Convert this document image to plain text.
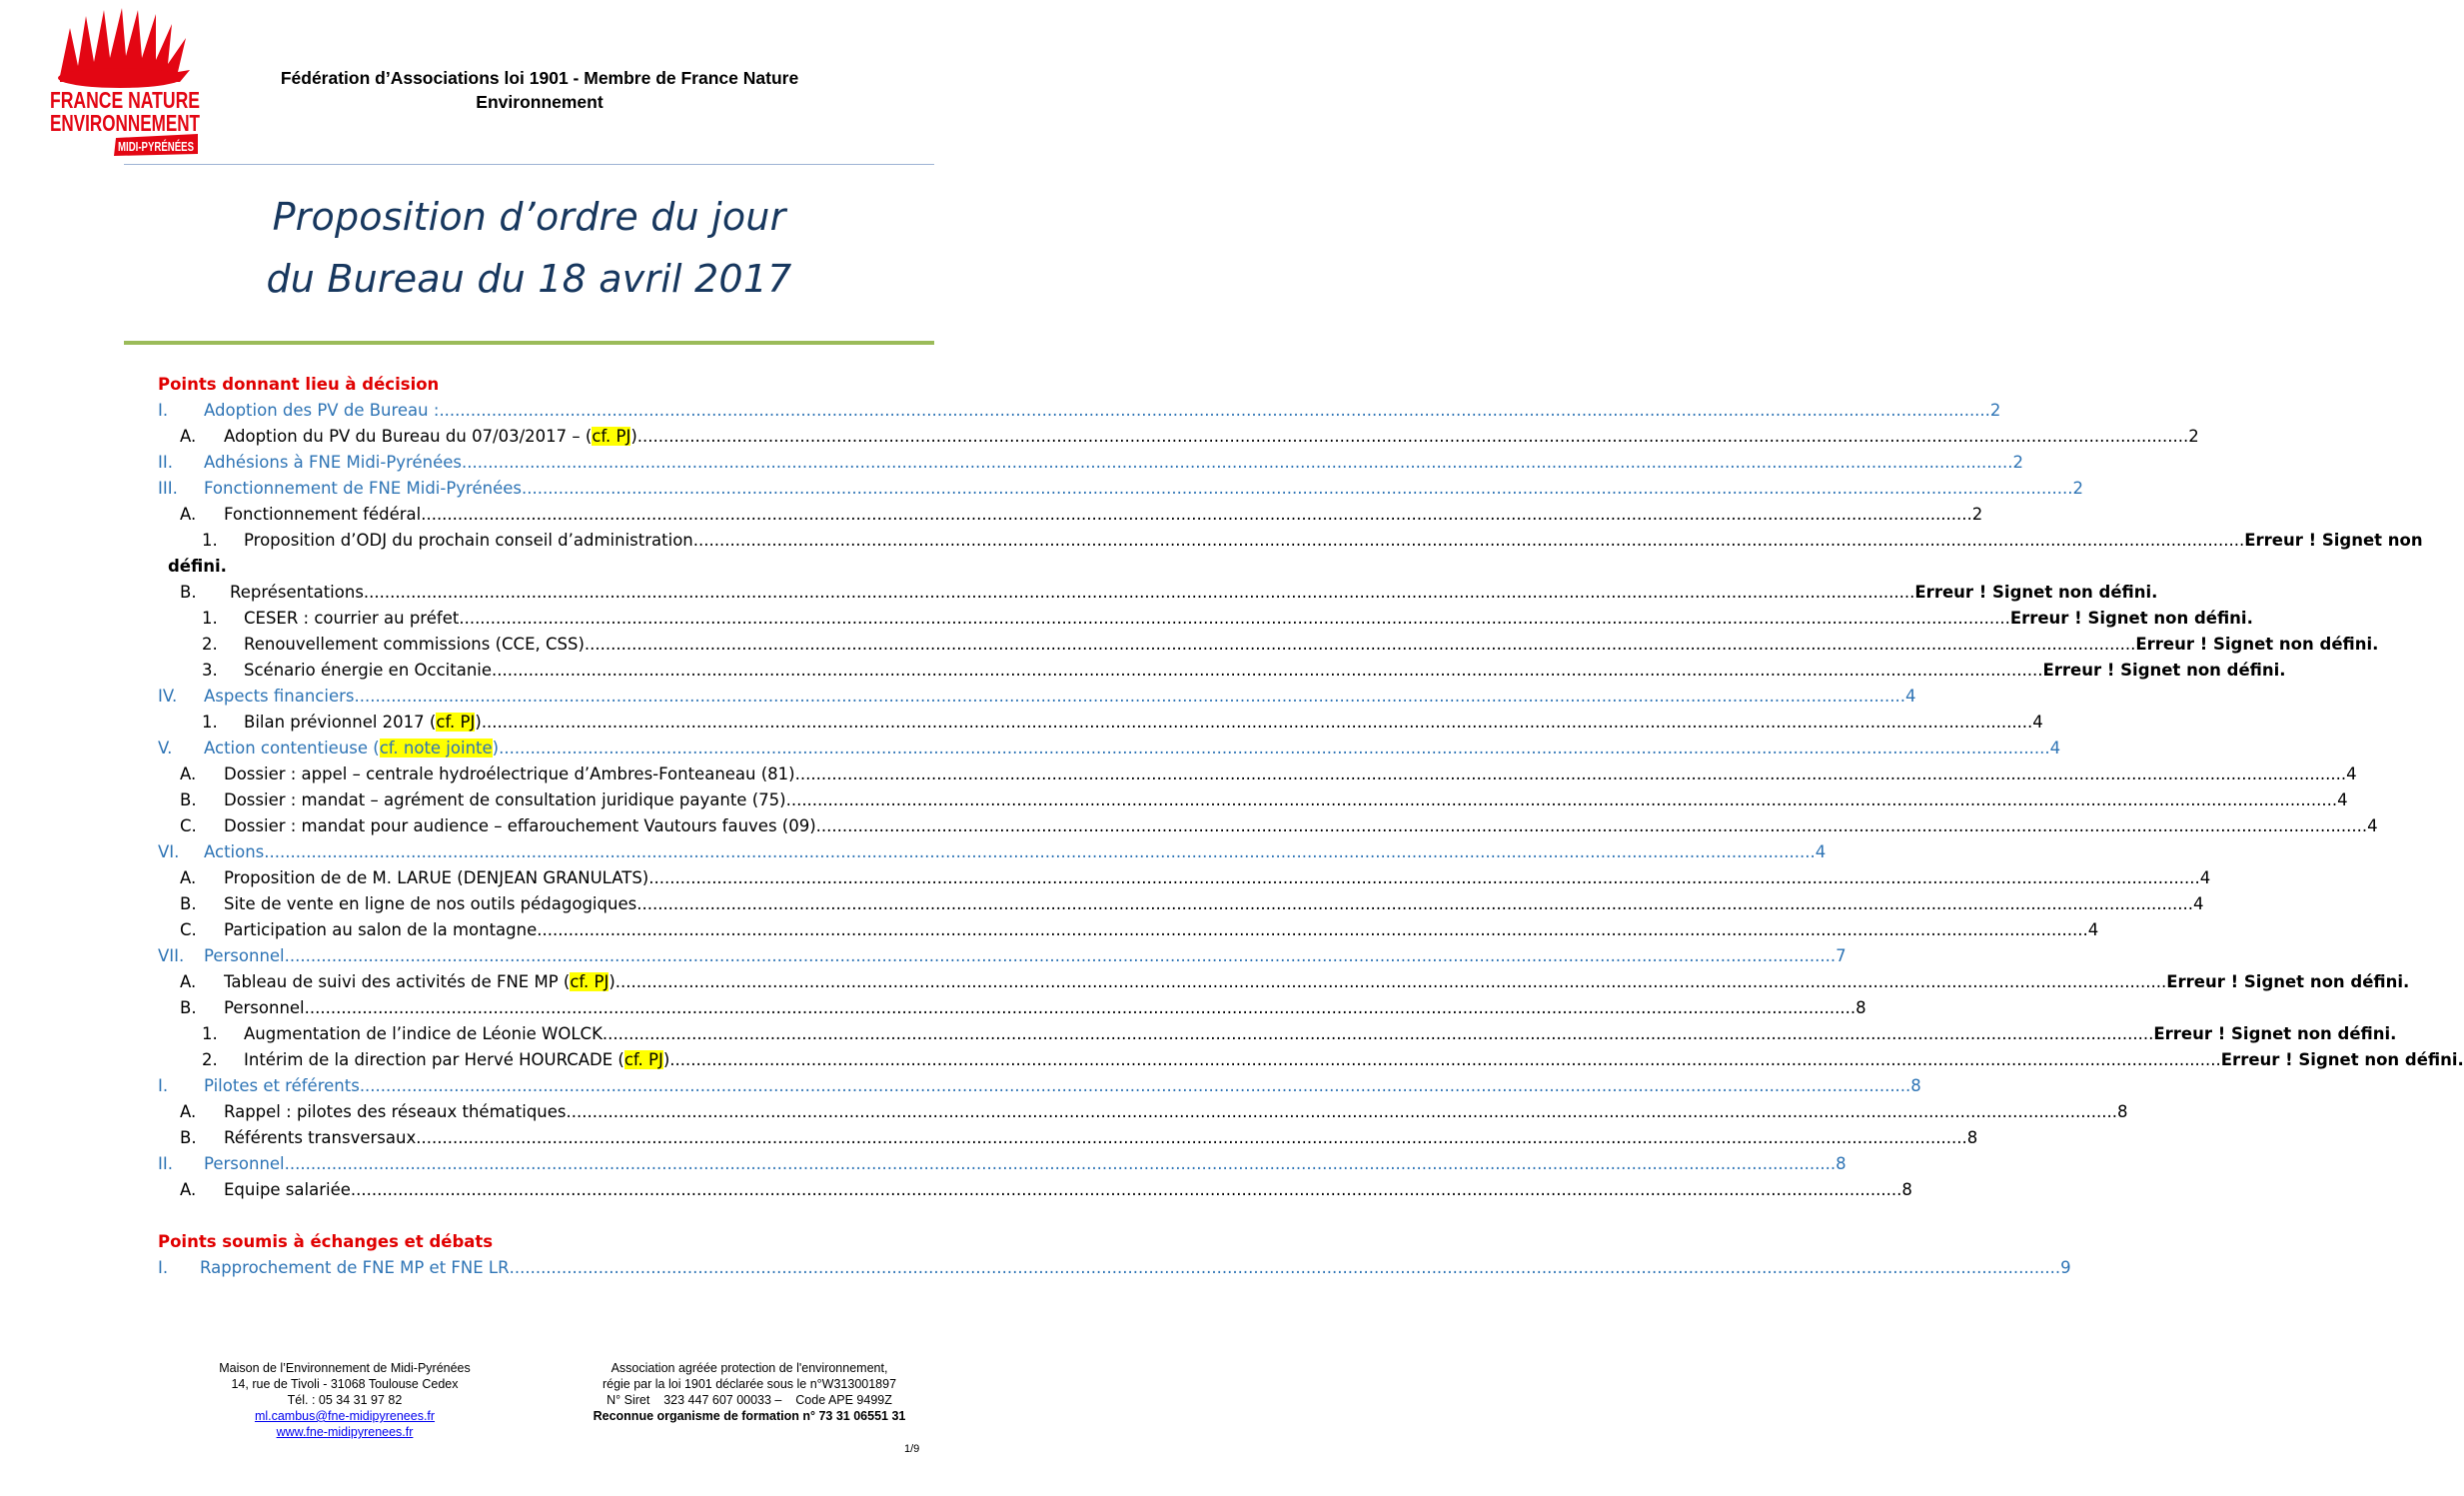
FRANCE NATURE
ENVIRONNEMENT
MIDI-PYRÉNÉES
Fédération d’Associations loi 1901 - Membre de France Nature
Environnement
Proposition d’ordre du jour
du Bureau du 18 avril 2017
Points donnant lieu à décision
I. Adoption des PV de Bureau : .....	2
A. Adoption du PV du Bureau du 07/03/2017 – (cf. PJ) .....	2
II. Adhésions à FNE Midi-Pyrénées .....	2
III. Fonctionnement de FNE Midi-Pyrénées .....	2
A. Fonctionnement fédéral .....	2
1. Proposition d’ODJ du prochain conseil d’administration .....	Erreur ! Signet non
défini.
B. Représentations .....	Erreur ! Signet non défini.
1. CESER : courrier au préfet .....	Erreur ! Signet non défini.
2. Renouvellement commissions (CCE, CSS) .....	Erreur ! Signet non défini.
3. Scénario énergie en Occitanie .....	Erreur ! Signet non défini.
IV. Aspects financiers .....	4
1. Bilan prévionnel 2017 (cf. PJ) .....	4
V. Action contentieuse (cf. note jointe) .....	4
A. Dossier : appel – centrale hydroélectrique d’Ambres-Fonteaneau (81) .....	4
B. Dossier : mandat – agrément de consultation juridique payante (75) .....	4
C. Dossier : mandat pour audience – effarouchement Vautours fauves (09) .....	4
VI. Actions .....	4
A. Proposition de de M. LARUE (DENJEAN GRANULATS) .....	4
B. Site de vente en ligne de nos outils pédagogiques. .....	4
C. Participation au salon de la montagne .....	4
VII. Personnel .....	7
A. Tableau de suivi des activités de FNE MP (cf. PJ) .....	Erreur ! Signet non défini.
B. Personnel .....	8
1. Augmentation de l’indice de Léonie WOLCK .....	Erreur ! Signet non défini.
2. Intérim de la direction par Hervé HOURCADE (cf. PJ) .....	Erreur ! Signet non défini.
I. Pilotes et référents .....	8
A. Rappel : pilotes des réseaux thématiques .....	8
B. Référents transversaux .....	8
II. Personnel .....	8
A. Equipe salariée .....	8
Points soumis à échanges et débats
I. Rapprochement de FNE MP et FNE LR .....	9
Maison de l’Environnement de Midi-Pyrénées
14, rue de Tivoli - 31068 Toulouse Cedex
Tél. : 05 34 31 97 82
ml.cambus@fne-midipyrenees.fr
www.fne-midipyrenees.fr
Association agréée protection de l'environnement,
régie par la loi 1901 déclarée sous le n°W313001897
N° Siret    323 447 607 00033 –    Code APE 9499Z
Reconnue organisme de formation n° 73 31 06551 31
1/9
